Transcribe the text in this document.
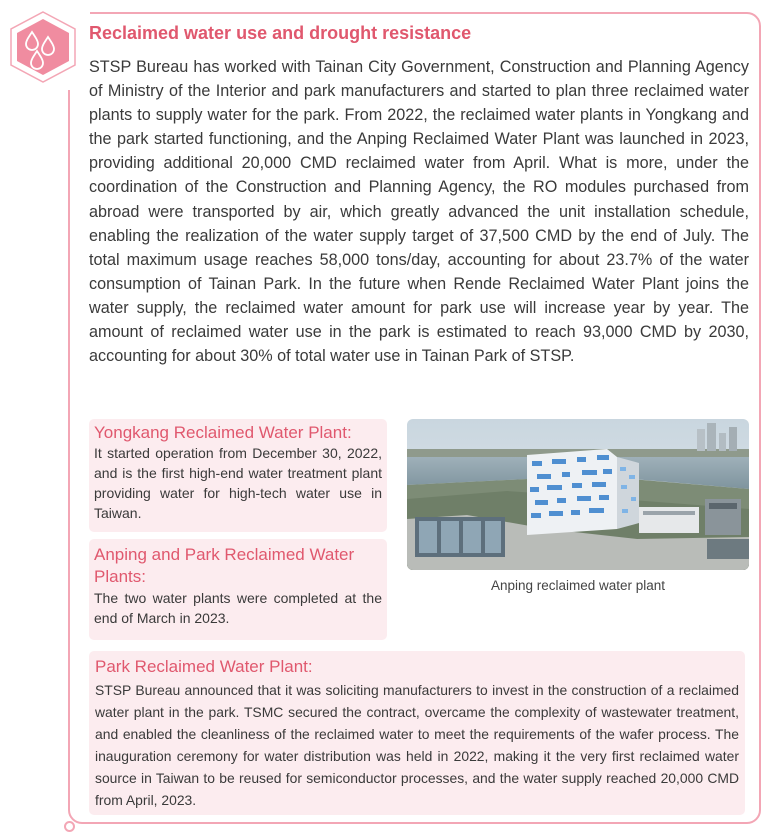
Reclaimed water use and drought resistance

STSP Bureau has worked with Tainan City Government, Construction and Planning Agency of Ministry of the Interior and park manufacturers and started to plan three reclaimed water plants to supply water for the park. From 2022, the reclaimed water plants in Yongkang and the park started functioning, and the Anping Reclaimed Water Plant was launched in 2023, providing additional 20,000 CMD reclaimed water from April. What is more, under the coordination of the Construction and Planning Agency, the RO modules purchased from abroad were transported by air, which greatly advanced the unit installation schedule, enabling the realization of the water supply target of 37,500 CMD by the end of July. The total maximum usage reaches 58,000 tons/day, accounting for about 23.7% of the water consumption of Tainan Park. In the future when Rende Reclaimed Water Plant joins the water supply, the reclaimed water amount for park use will increase year by year. The amount of reclaimed water use in the park is estimated to reach 93,000 CMD by 2030, accounting for about 30% of total water use in Tainan Park of STSP.

Yongkang Reclaimed Water Plant:

It started operation from December 30, 2022, and is the first high-end water treatment plant providing water for high-tech water use in Taiwan.

Anping and Park Reclaimed Water Plants:

The two water plants were completed at the end of March in 2023.

Anping reclaimed water plant

Park Reclaimed Water Plant:

STSP Bureau announced that it was soliciting manufacturers to invest in the construction of a reclaimed water plant in the park. TSMC secured the contract, overcame the complexity of wastewater treatment, and enabled the cleanliness of the reclaimed water to meet the requirements of the wafer process. The inauguration ceremony for water distribution was held in 2022, making it the very first reclaimed water source in Taiwan to be reused for semiconductor processes, and the water supply reached 20,000 CMD from April, 2023.
